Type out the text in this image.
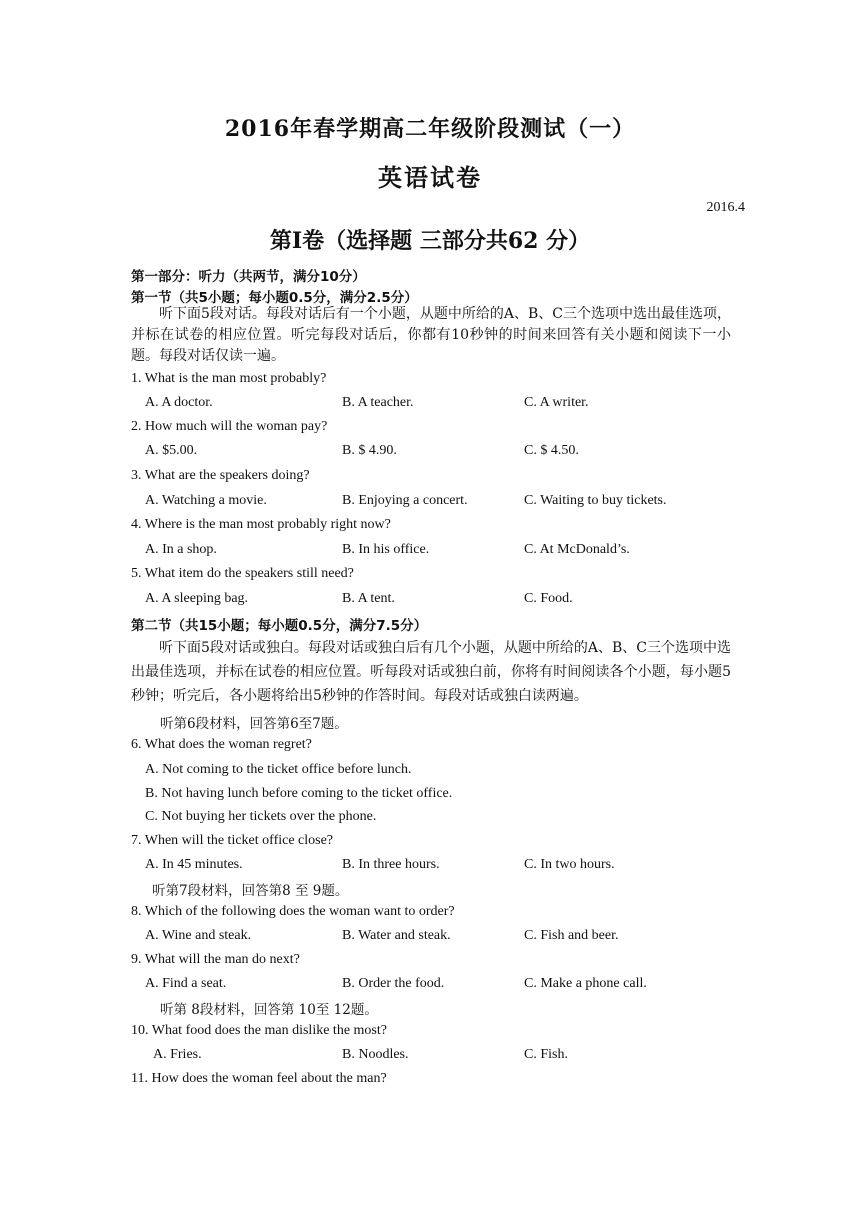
2016年春学期高二年级阶段测试（一）
英语试卷
2016.4
第Ⅰ卷（选择题 三部分共62 分）
第一部分：听力（共两节，满分10分）
第一节（共5小题；每小题0.5分，满分2.5分）
听下面5段对话。每段对话后有一个小题，从题中所给的A、B、C三个选项中选出最佳选项，并标在试卷的相应位置。听完每段对话后，你都有10秒钟的时间来回答有关小题和阅读下一小题。每段对话仅读一遍。
1. What is the man most probably?
A. A doctor.	B. A teacher.	C. A writer.
2. How much will the woman pay?
A. $5.00.	B. $ 4.90.	C. $ 4.50.
3. What are the speakers doing?
A. Watching a movie.	B. Enjoying a concert.	C. Waiting to buy tickets.
4. Where is the man most probably right now?
A. In a shop.	B. In his office.	C. At McDonald’s.
5. What item do the speakers still need?
A. A sleeping bag.	B. A tent.	C. Food.
第二节（共15小题；每小题0.5分，满分7.5分）
听下面5段对话或独白。每段对话或独白后有几个小题，从题中所给的A、B、C三个选项中选出最佳选项，并标在试卷的相应位置。听每段对话或独白前，你将有时间阅读各个小题，每小题5秒钟；听完后，各小题将给出5秒钟的作答时间。每段对话或独白读两遍。
听第6段材料，回答第6至7题。
6. What does the woman regret?
A. Not coming to the ticket office before lunch.
B. Not having lunch before coming to the ticket office.
C. Not buying her tickets over the phone.
7. When will the ticket office close?
A. In 45 minutes.	B. In three hours.	C. In two hours.
听第7段材料，回答第8 至 9题。
8. Which of the following does the woman want to order?
A. Wine and steak.	B. Water and steak.	C. Fish and beer.
9. What will the man do next?
A. Find a seat.	B. Order the food.	C. Make a phone call.
听第 8段材料，回答第 10至 12题。
10. What food does the man dislike the most?
A. Fries.	B. Noodles.	C. Fish.
11. How does the woman feel about the man?
